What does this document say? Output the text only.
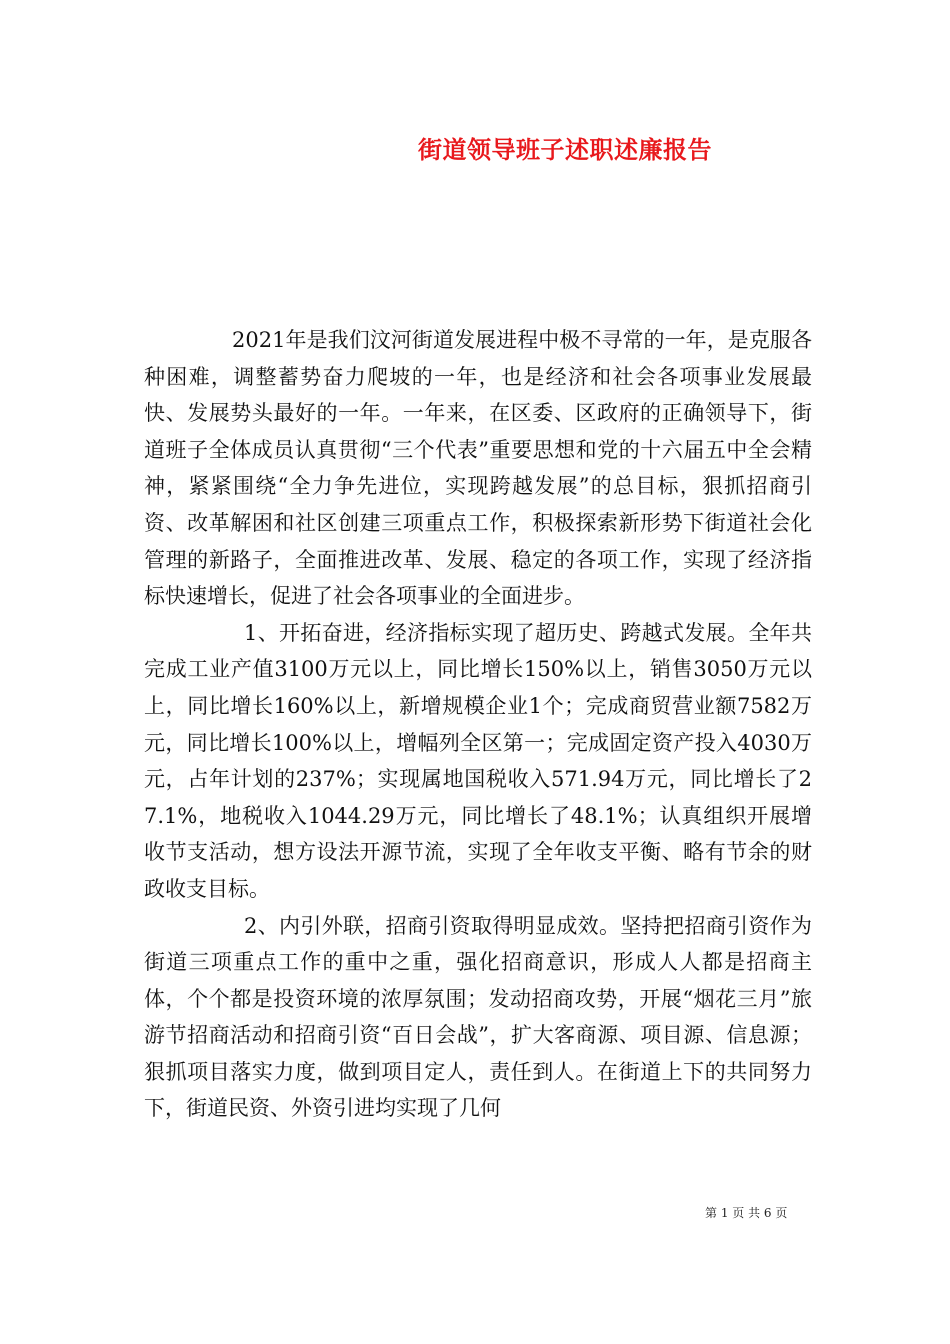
街道领导班子述职述廉报告

2021年是我们汶河街道发展进程中极不寻常的一年，是克服各种困难，调整蓄势奋力爬坡的一年，也是经济和社会各项事业发展最快、发展势头最好的一年。一年来，在区委、区政府的正确领导下，街道班子全体成员认真贯彻“三个代表”重要思想和党的十六届五中全会精神，紧紧围绕“全力争先进位，实现跨越发展”的总目标，狠抓招商引资、改革解困和社区创建三项重点工作，积极探索新形势下街道社会化管理的新路子，全面推进改革、发展、稳定的各项工作，实现了经济指标快速增长，促进了社会各项事业的全面进步。

1、开拓奋进，经济指标实现了超历史、跨越式发展。全年共完成工业产值3100万元以上，同比增长150%以上，销售3050万元以上，同比增长160%以上，新增规模企业1个；完成商贸营业额7582万元，同比增长100%以上，增幅列全区第一；完成固定资产投入4030万元，占年计划的237%；实现属地国税收入571.94万元，同比增长了27.1%，地税收入1044.29万元，同比增长了48.1%；认真组织开展增收节支活动，想方设法开源节流，实现了全年收支平衡、略有节余的财政收支目标。

2、内引外联，招商引资取得明显成效。坚持把招商引资作为街道三项重点工作的重中之重，强化招商意识，形成人人都是招商主体，个个都是投资环境的浓厚氛围；发动招商攻势，开展“烟花三月”旅游节招商活动和招商引资“百日会战”，扩大客商源、项目源、信息源；狠抓项目落实力度，做到项目定人，责任到人。在街道上下的共同努力下，街道民资、外资引进均实现了几何

第 1 页 共 6 页
